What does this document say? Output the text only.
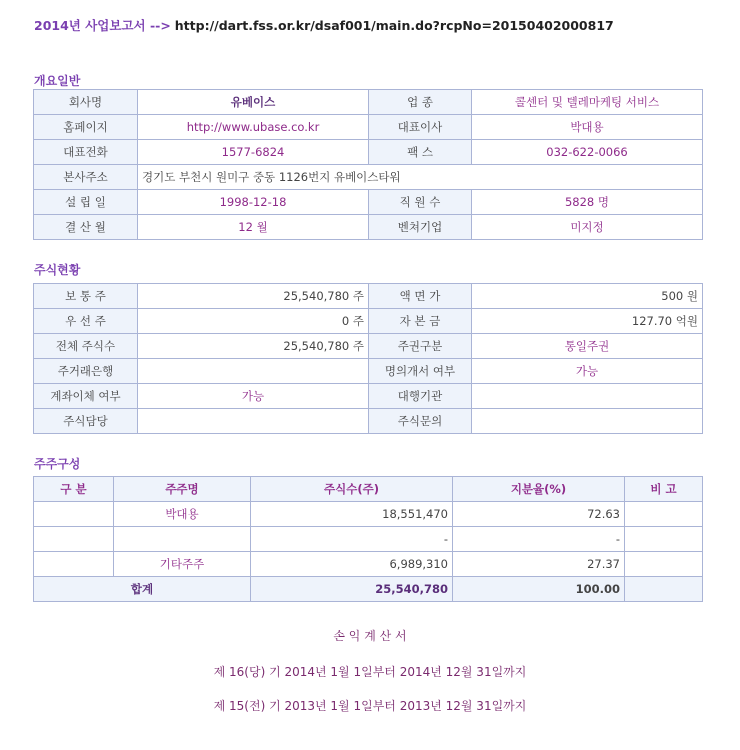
2014년 사업보고서 --> http://dart.fss.or.kr/dsaf001/main.do?rcpNo=20150402000817
개요일반
회사명	유베이스	업 종	콜센터 및 텔레마케팅 서비스
홈페이지	http://www.ubase.co.kr	대표이사	박대용
대표전화	1577-6824	팩 스	032-622-0066
본사주소	경기도 부천시 원미구 중동 1126번지 유베이스타워		
설 립 일	1998-12-18	직 원 수	5828 명
결 산 월	12 월	벤쳐기업	미지정
주식현황
보 통 주	25,540,780 주	액 면 가	500 원
우 선 주	0 주	자 본 금	127.70 억원
전체 주식수	25,540,780 주	주권구분	통일주권
주거래은행		명의개서 여부	가능
계좌이체 여부	가능	대행기관	
주식담당		주식문의	
주주구성
구 분	주주명	주식수(주)	지분율(%)	비 고
	박대용	18,551,470	72.63	
		-	-	
	기타주주	6,989,310	27.37	
합계		25,540,780	100.00	
손 익 계 산 서
제 16(당) 기 2014년 1월 1일부터 2014년 12월 31일까지
제 15(전) 기 2013년 1월 1일부터 2013년 12월 31일까지
